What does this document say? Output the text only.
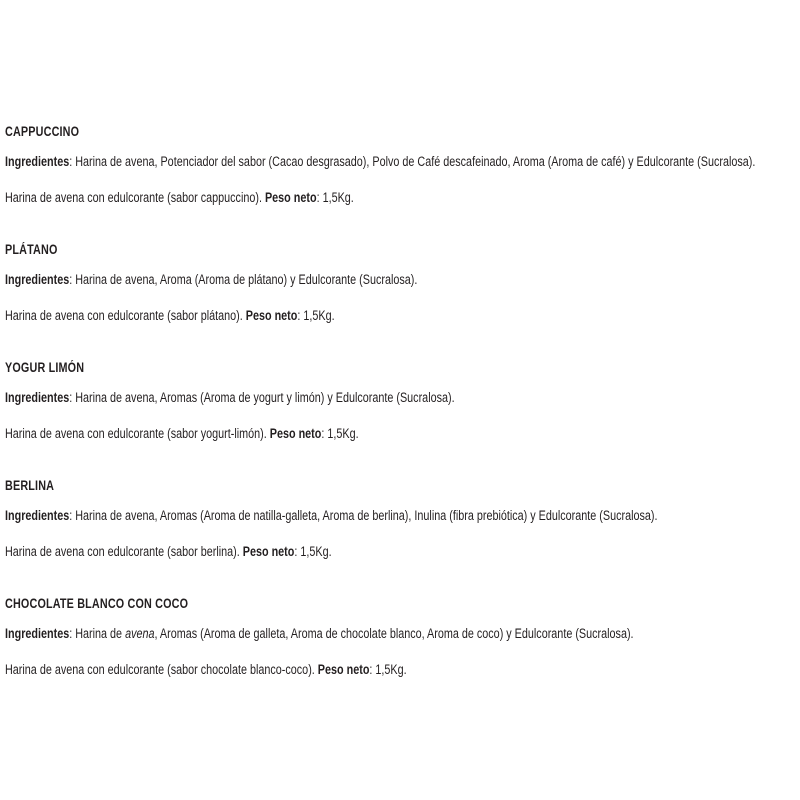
CAPPUCCINO

Ingredientes: Harina de avena, Potenciador del sabor (Cacao desgrasado), Polvo de Café descafeinado, Aroma (Aroma de café) y Edulcorante (Sucralosa).

Harina de avena con edulcorante (sabor cappuccino). Peso neto: 1,5Kg.

PLÁTANO

Ingredientes: Harina de avena, Aroma (Aroma de plátano) y Edulcorante (Sucralosa).

Harina de avena con edulcorante (sabor plátano). Peso neto: 1,5Kg.

YOGUR LIMÓN

Ingredientes: Harina de avena, Aromas (Aroma de yogurt y limón) y Edulcorante (Sucralosa).

Harina de avena con edulcorante (sabor yogurt-limón). Peso neto: 1,5Kg.

BERLINA

Ingredientes: Harina de avena, Aromas (Aroma de natilla-galleta, Aroma de berlina), Inulina (fibra prebiótica) y Edulcorante (Sucralosa).

Harina de avena con edulcorante (sabor berlina). Peso neto: 1,5Kg.

CHOCOLATE BLANCO CON COCO

Ingredientes: Harina de avena, Aromas (Aroma de galleta, Aroma de chocolate blanco, Aroma de coco) y Edulcorante (Sucralosa).

Harina de avena con edulcorante (sabor chocolate blanco-coco). Peso neto: 1,5Kg.
